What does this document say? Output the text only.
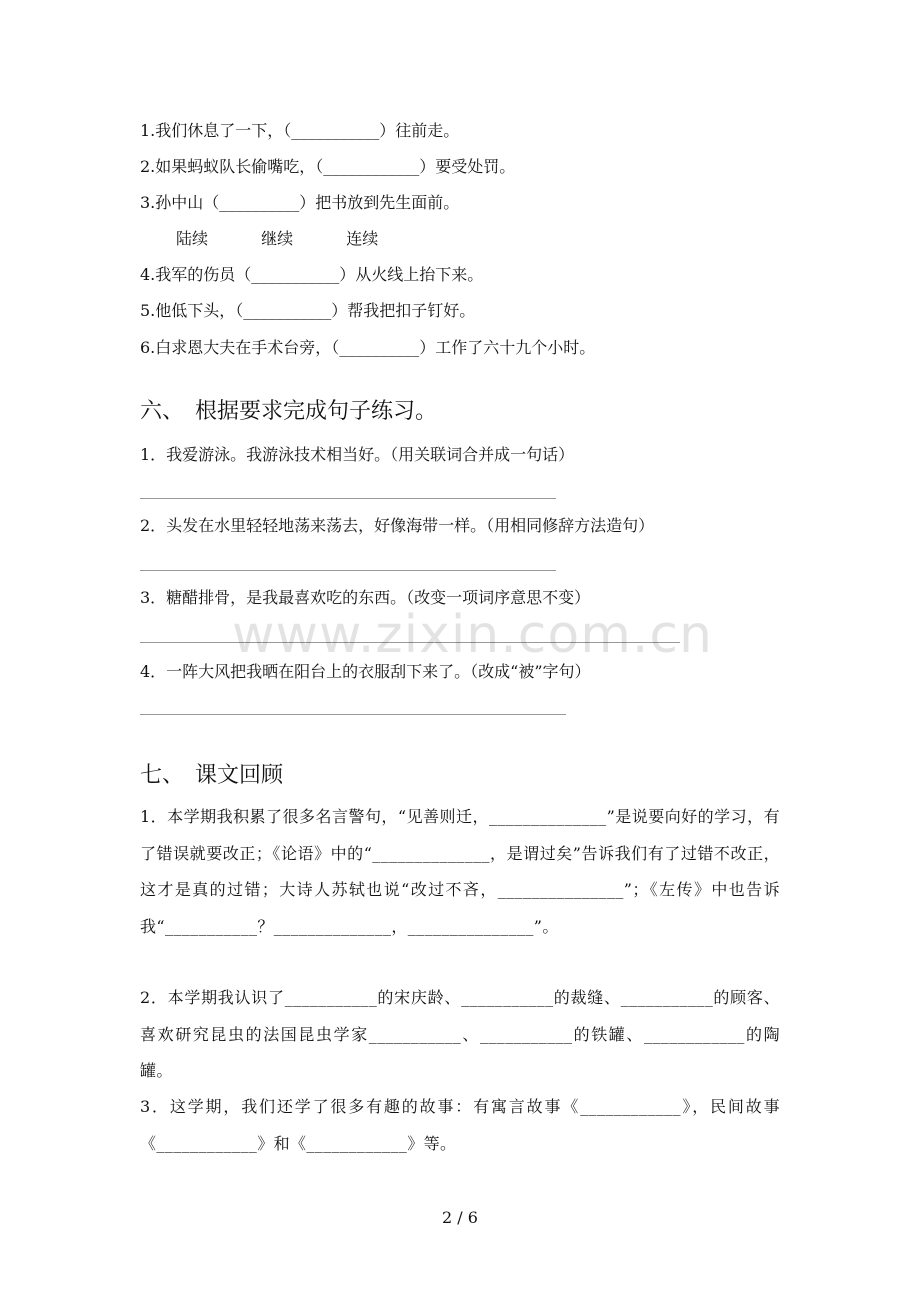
1.我们休息了一下，（___________）往前走。
2.如果蚂蚁队长偷嘴吃，（____________）要受处罚。
3.孙中山（__________）把书放到先生面前。
陆续	继续	连续
4.我军的伤员（___________）从火线上抬下来。
5.他低下头，（___________）帮我把扣子钉好。
6.白求恩大夫在手术台旁，（__________）工作了六十九个小时。
六、　根据要求完成句子练习。
1．我爱游泳。我游泳技术相当好。（用关联词合并成一句话）
2．头发在水里轻轻地荡来荡去，好像海带一样。（用相同修辞方法造句）
3．糖醋排骨，是我最喜欢吃的东西。（改变一项词序意思不变）
4．一阵大风把我晒在阳台上的衣服刮下来了。（改成“被”字句）
七、　课文回顾
1．本学期我积累了很多名言警句，“见善则迁，______________”是说要向好的学习，有了错误就要改正；《论语》中的“______________，是谓过矣”告诉我们有了过错不改正，这才是真的过错；大诗人苏轼也说“改过不吝，_______________”；《左传》中也告诉我“___________？______________，_______________”。
2．本学期我认识了___________的宋庆龄、___________的裁缝、___________的顾客、喜欢研究昆虫的法国昆虫学家___________、___________的铁罐、____________的陶罐。
3．这学期，我们还学了很多有趣的故事：有寓言故事《____________》，民间故事《____________》和《____________》等。
www.zixin.com.cn
2 / 6
